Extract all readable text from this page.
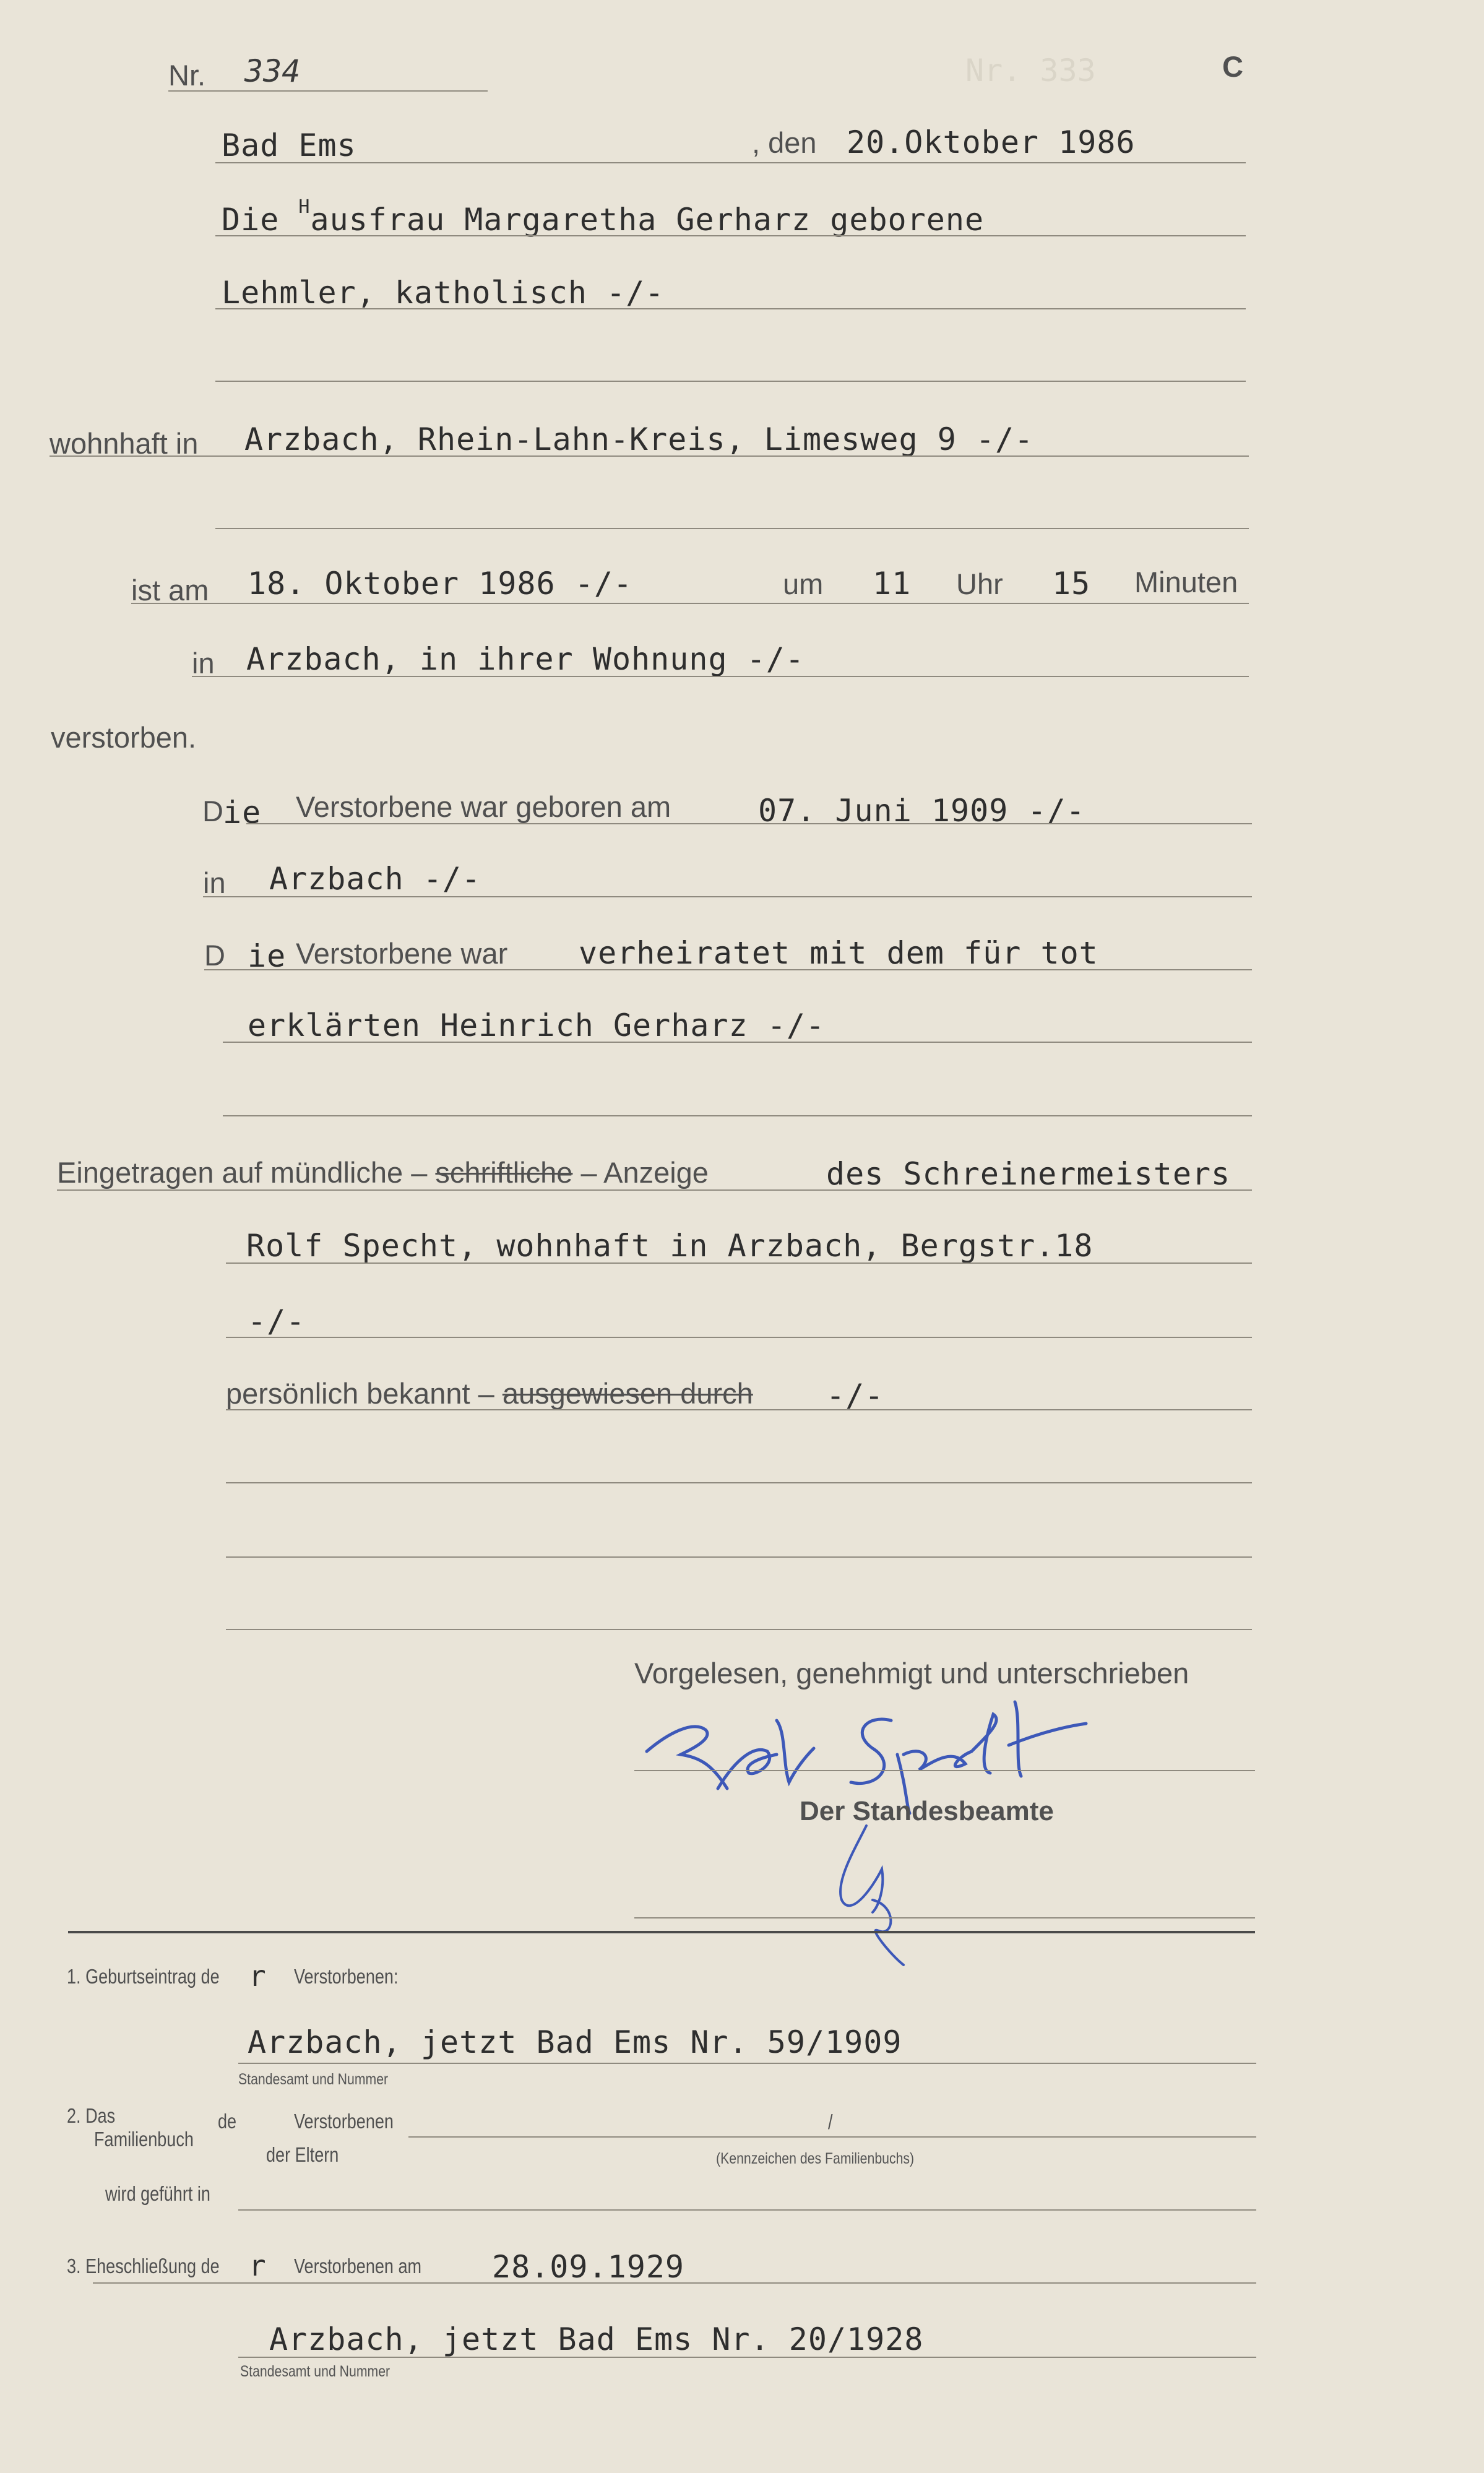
Nr. 333
Nr. 334	C
Bad Ems	, den 20.Oktober 1986
Die $^H$ausfrau Margaretha Gerharz geborene
Lehmler, katholisch -/-
wohnhaft in Arzbach, Rhein-Lahn-Kreis, Limesweg 9 -/-
ist am 18. Oktober 1986 -/-	um 11 Uhr 15 Minuten
in Arzbach, in ihrer Wohnung -/-
verstorben.
D ie Verstorbene war geboren am	07. Juni 1909 -/-
in Arzbach -/-
D ie Verstorbene war verheiratet mit dem für tot
erklärten Heinrich Gerharz -/-
Eingetragen auf mündliche – schriftliche – Anzeige	des Schreinermeisters
Rolf Specht, wohnhaft in Arzbach, Bergstr.18
-/-
persönlich bekannt – ausgewiesen durch -/-
Vorgelesen, genehmigt und unterschrieben
Der Standesbeamte
1. Geburtseintrag de r Verstorbenen:
Arzbach, jetzt Bad Ems Nr. 59/1909
Standesamt und Nummer
2. Das
Familienbuch
de	Verstorbenen
der Eltern
/
(Kennzeichen des Familienbuchs)
wird geführt in
3. Eheschließung de r Verstorbenen am 28.09.1929
Arzbach, jetzt Bad Ems Nr. 20/1928
Standesamt und Nummer
